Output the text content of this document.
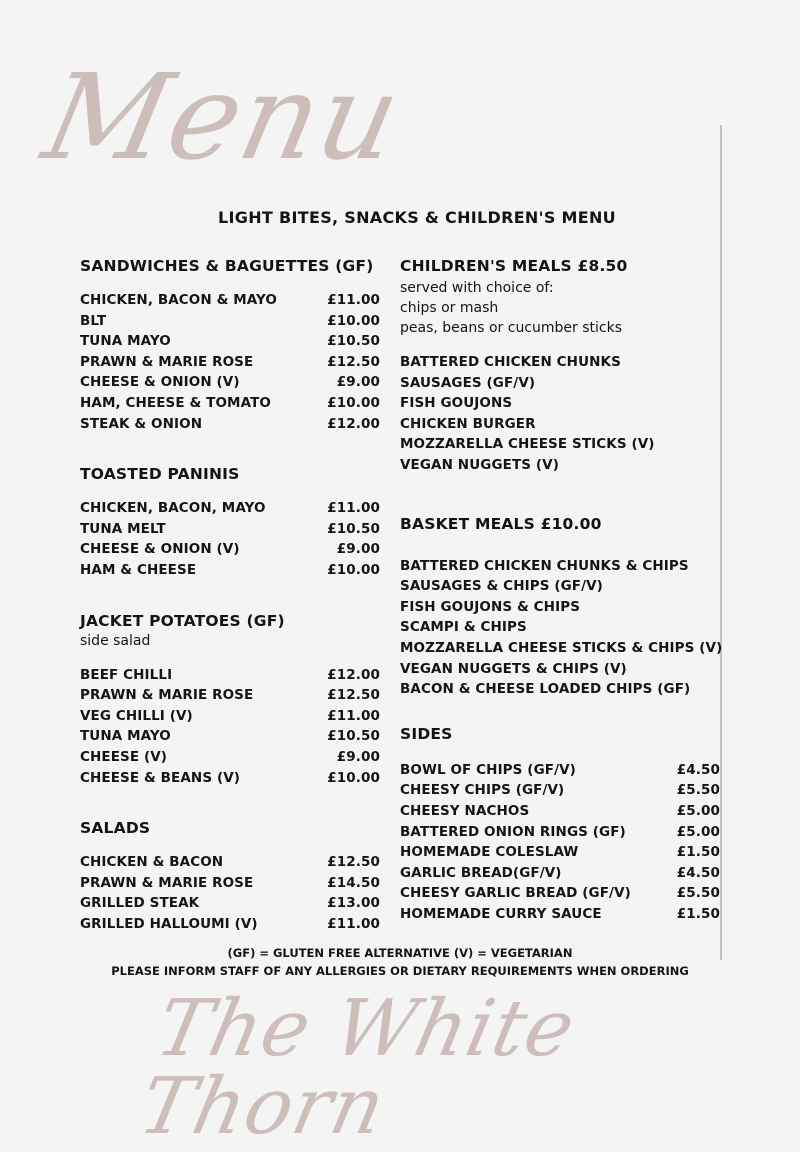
Menu
LIGHT BITES, SNACKS & CHILDREN'S MENU
SANDWICHES & BAGUETTES (GF)
CHICKEN, BACON & MAYO	£11.00
BLT	£10.00
TUNA MAYO	£10.50
PRAWN & MARIE ROSE	£12.50
CHEESE & ONION (V)	£9.00
HAM, CHEESE & TOMATO	£10.00
STEAK & ONION	£12.00
TOASTED PANINIS
CHICKEN, BACON, MAYO	£11.00
TUNA MELT	£10.50
CHEESE & ONION (V)	£9.00
HAM & CHEESE	£10.00
JACKET POTATOES (GF)
side salad
BEEF CHILLI	£12.00
PRAWN & MARIE ROSE	£12.50
VEG CHILLI (V)	£11.00
TUNA MAYO	£10.50
CHEESE (V)	£9.00
CHEESE & BEANS (V)	£10.00
SALADS
CHICKEN & BACON	£12.50
PRAWN & MARIE ROSE	£14.50
GRILLED STEAK	£13.00
GRILLED HALLOUMI (V)	£11.00
CHILDREN'S MEALS £8.50
served with choice of:
chips or mash
peas, beans or cucumber sticks
BATTERED CHICKEN CHUNKS
SAUSAGES (GF/V)
FISH GOUJONS
CHICKEN BURGER
MOZZARELLA CHEESE STICKS (V)
VEGAN NUGGETS (V)
BASKET MEALS £10.00
BATTERED CHICKEN CHUNKS & CHIPS
SAUSAGES & CHIPS (GF/V)
FISH GOUJONS & CHIPS
SCAMPI & CHIPS
MOZZARELLA CHEESE STICKS & CHIPS (V)
VEGAN NUGGETS & CHIPS (V)
BACON & CHEESE LOADED CHIPS (GF)
SIDES
BOWL OF CHIPS (GF/V)	£4.50
CHEESY CHIPS (GF/V)	£5.50
CHEESY NACHOS	£5.00
BATTERED ONION RINGS (GF)	£5.00
HOMEMADE COLESLAW	£1.50
GARLIC BREAD(GF/V)	£4.50
CHEESY GARLIC BREAD (GF/V)	£5.50
HOMEMADE CURRY SAUCE	£1.50
(GF) = GLUTEN FREE ALTERNATIVE (V) = VEGETARIAN
PLEASE INFORM STAFF OF ANY ALLERGIES OR DIETARY REQUIREMENTS WHEN ORDERING
The White Thorn
